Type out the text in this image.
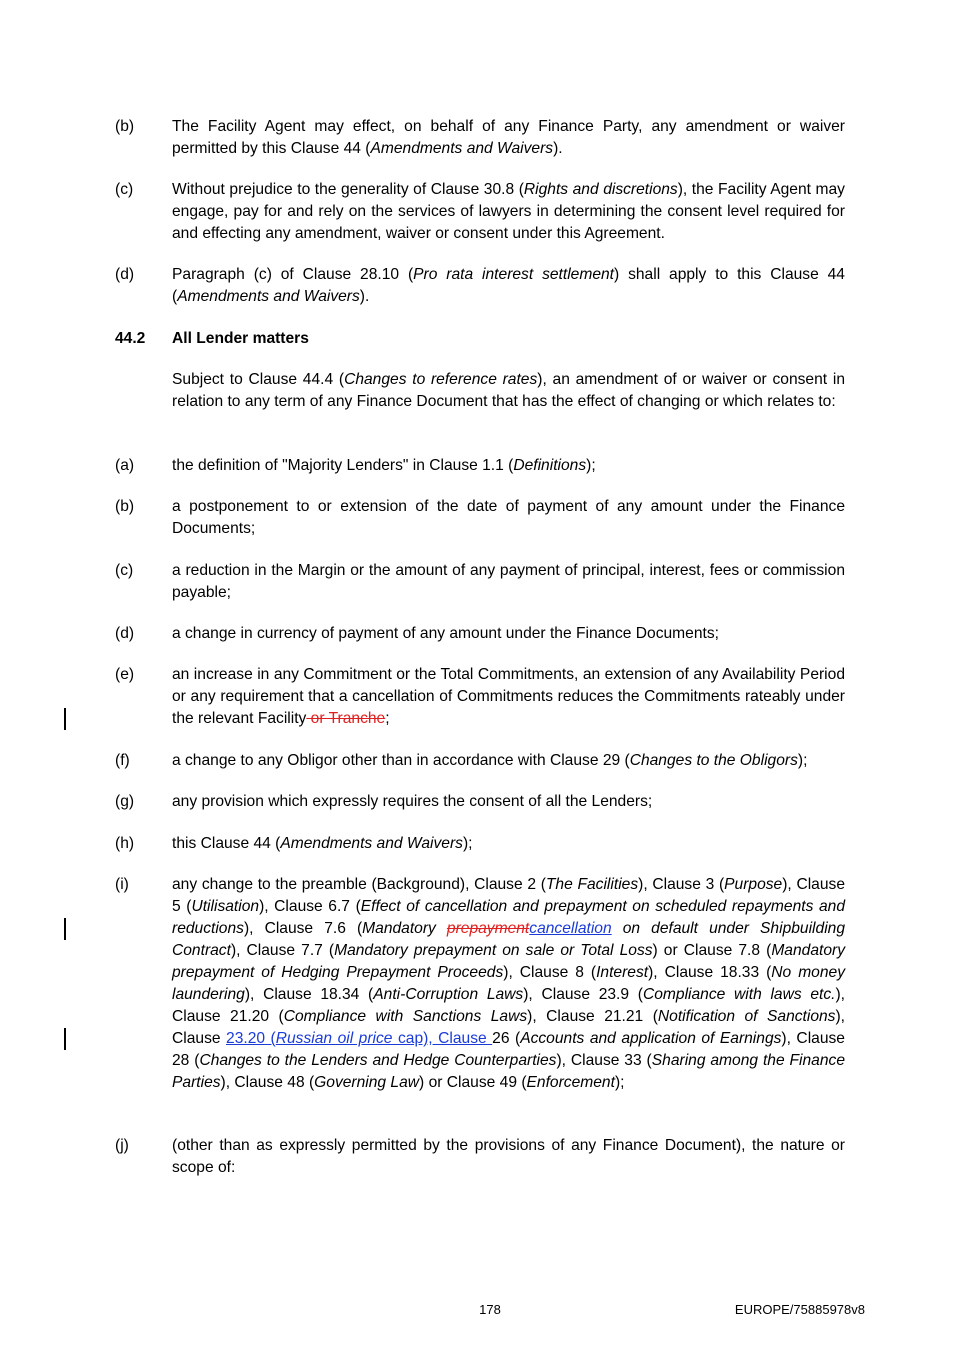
(b) The Facility Agent may effect, on behalf of any Finance Party, any amendment or waiver permitted by this Clause 44 (Amendments and Waivers).
(c) Without prejudice to the generality of Clause 30.8 (Rights and discretions), the Facility Agent may engage, pay for and rely on the services of lawyers in determining the consent level required for and effecting any amendment, waiver or consent under this Agreement.
(d) Paragraph (c) of Clause 28.10 (Pro rata interest settlement) shall apply to this Clause 44 (Amendments and Waivers).
44.2 All Lender matters
Subject to Clause 44.4 (Changes to reference rates), an amendment of or waiver or consent in relation to any term of any Finance Document that has the effect of changing or which relates to:
(a) the definition of "Majority Lenders" in Clause 1.1 (Definitions);
(b) a postponement to or extension of the date of payment of any amount under the Finance Documents;
(c) a reduction in the Margin or the amount of any payment of principal, interest, fees or commission payable;
(d) a change in currency of payment of any amount under the Finance Documents;
(e) an increase in any Commitment or the Total Commitments, an extension of any Availability Period or any requirement that a cancellation of Commitments reduces the Commitments rateably under the relevant Facility or Tranche;
(f)	a change to any Obligor other than in accordance with Clause 29 (Changes to the Obligors);
(g) any provision which expressly requires the consent of all the Lenders;
(h) this Clause 44 (Amendments and Waivers);
(i)	any change to the preamble (Background), Clause 2 (The Facilities), Clause 3 (Purpose), Clause 5 (Utilisation), Clause 6.7 (Effect of cancellation and prepayment on scheduled repayments and reductions), Clause 7.6 (Mandatory prepaymentcancellation on default under Shipbuilding Contract), Clause 7.7 (Mandatory prepayment on sale or Total Loss) or Clause 7.8 (Mandatory prepayment of Hedging Prepayment Proceeds), Clause 8 (Interest), Clause 18.33 (No money laundering), Clause 18.34 (Anti-Corruption Laws), Clause 23.9 (Compliance with laws etc.), Clause 21.20 (Compliance with Sanctions Laws), Clause 21.21 (Notification of Sanctions), Clause 23.20 (Russian oil price cap), Clause 26 (Accounts and application of Earnings), Clause 28 (Changes to the Lenders and Hedge Counterparties), Clause 33 (Sharing among the Finance Parties), Clause 48 (Governing Law) or Clause 49 (Enforcement);
(j)	(other than as expressly permitted by the provisions of any Finance Document), the nature or scope of:
178	EUROPE/75885978v8
